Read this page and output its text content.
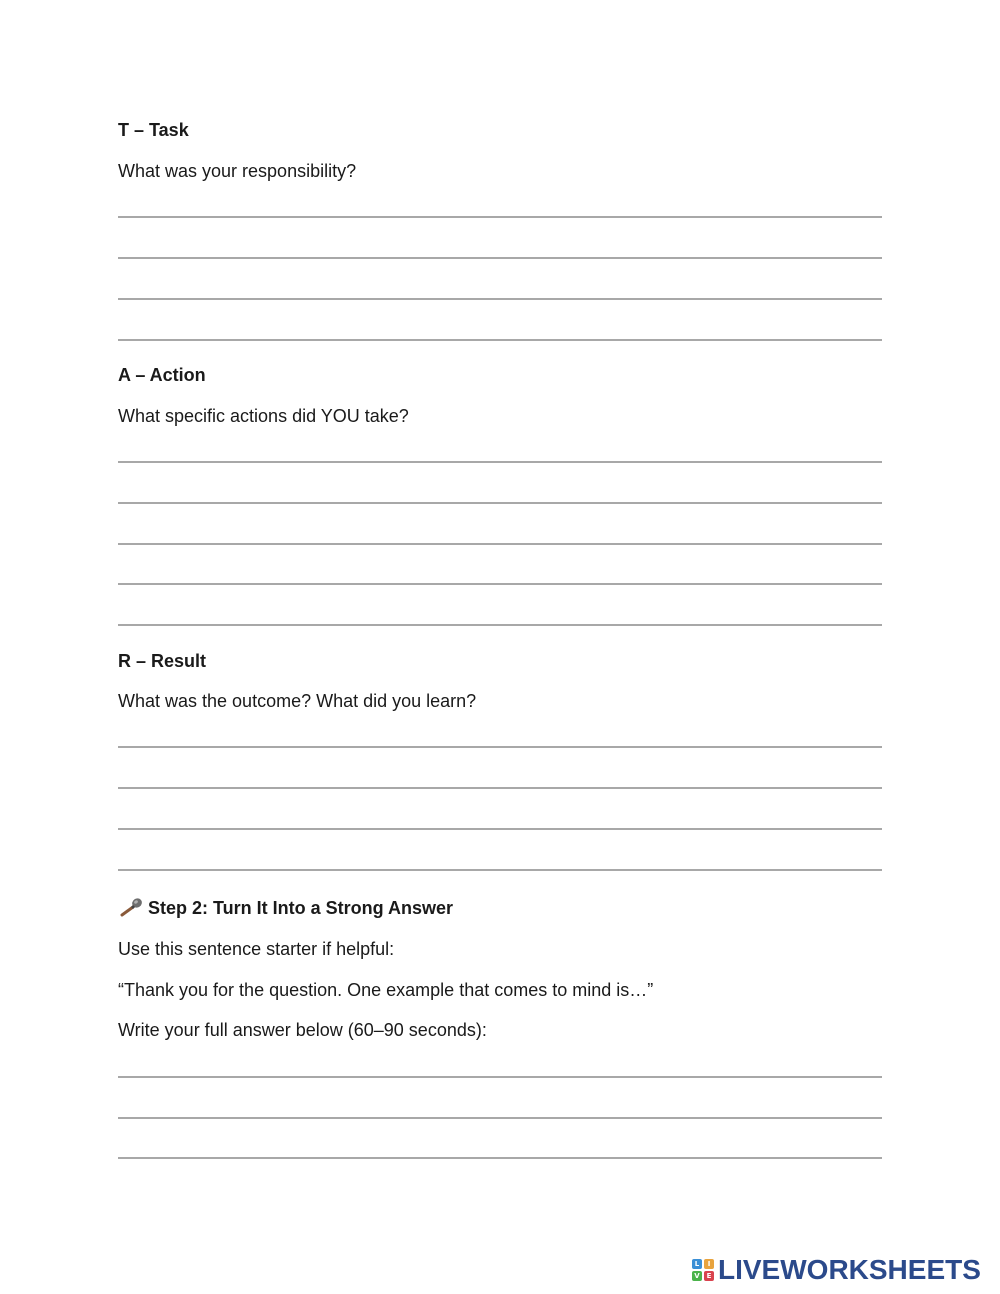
T – Task
What was your responsibility?
A – Action
What specific actions did YOU take?
R – Result
What was the outcome? What did you learn?
Step 2: Turn It Into a Strong Answer
Use this sentence starter if helpful:
“Thank you for the question. One example that comes to mind is…”
Write your full answer below (60–90 seconds):
L	I
V E LIVEWORKSHEETS
